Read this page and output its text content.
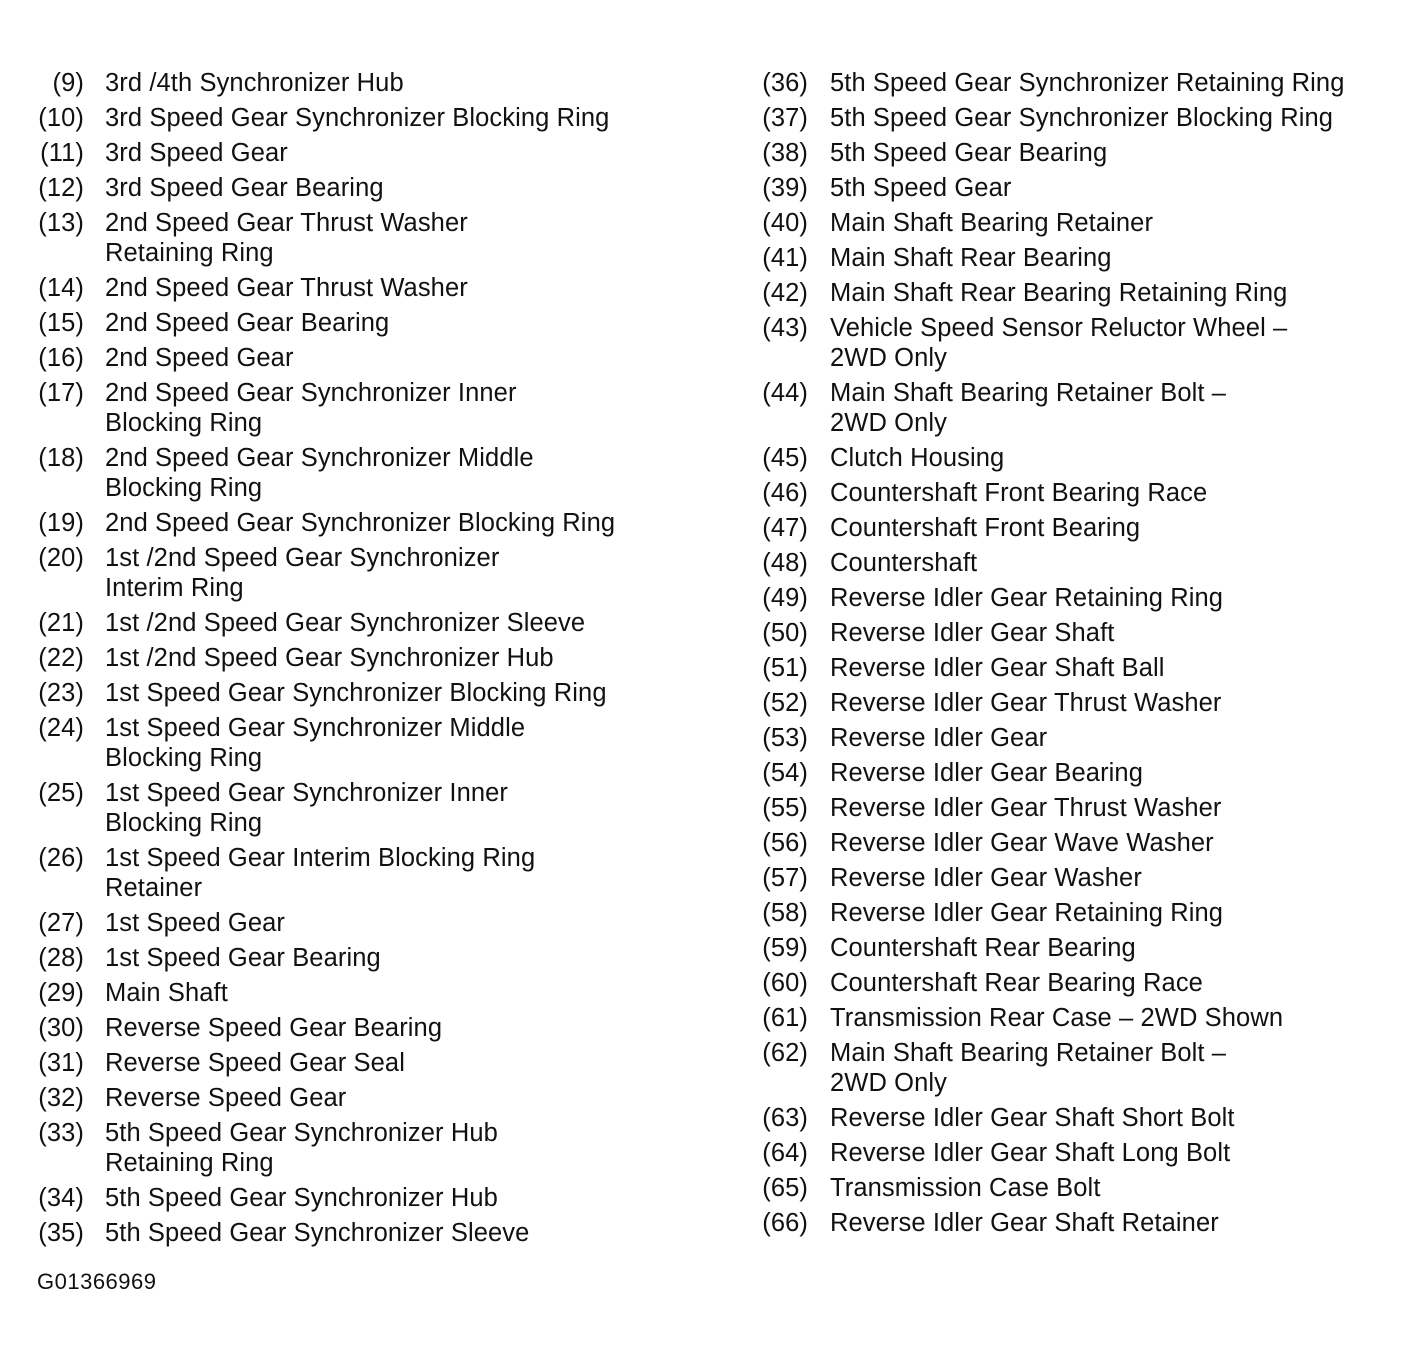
(9) 3rd /4th Synchronizer Hub
(10) 3rd Speed Gear Synchronizer Blocking Ring
(11) 3rd Speed Gear
(12) 3rd Speed Gear Bearing
(13) 2nd Speed Gear Thrust Washer
Retaining Ring
(14) 2nd Speed Gear Thrust Washer
(15) 2nd Speed Gear Bearing
(16) 2nd Speed Gear
(17) 2nd Speed Gear Synchronizer Inner
Blocking Ring
(18) 2nd Speed Gear Synchronizer Middle
Blocking Ring
(19) 2nd Speed Gear Synchronizer Blocking Ring
(20) 1st /2nd Speed Gear Synchronizer
Interim Ring
(21) 1st /2nd Speed Gear Synchronizer Sleeve
(22) 1st /2nd Speed Gear Synchronizer Hub
(23) 1st Speed Gear Synchronizer Blocking Ring
(24) 1st Speed Gear Synchronizer Middle
Blocking Ring
(25) 1st Speed Gear Synchronizer Inner
Blocking Ring
(26) 1st Speed Gear Interim Blocking Ring
Retainer
(27) 1st Speed Gear
(28) 1st Speed Gear Bearing
(29) Main Shaft
(30) Reverse Speed Gear Bearing
(31) Reverse Speed Gear Seal
(32) Reverse Speed Gear
(33) 5th Speed Gear Synchronizer Hub
Retaining Ring
(34) 5th Speed Gear Synchronizer Hub
(35) 5th Speed Gear Synchronizer Sleeve
(36) 5th Speed Gear Synchronizer Retaining Ring
(37) 5th Speed Gear Synchronizer Blocking Ring
(38) 5th Speed Gear Bearing
(39) 5th Speed Gear
(40) Main Shaft Bearing Retainer
(41) Main Shaft Rear Bearing
(42) Main Shaft Rear Bearing Retaining Ring
(43) Vehicle Speed Sensor Reluctor Wheel –
2WD Only
(44) Main Shaft Bearing Retainer Bolt –
2WD Only
(45) Clutch Housing
(46) Countershaft Front Bearing Race
(47) Countershaft Front Bearing
(48) Countershaft
(49) Reverse Idler Gear Retaining Ring
(50) Reverse Idler Gear Shaft
(51) Reverse Idler Gear Shaft Ball
(52) Reverse Idler Gear Thrust Washer
(53) Reverse Idler Gear
(54) Reverse Idler Gear Bearing
(55) Reverse Idler Gear Thrust Washer
(56) Reverse Idler Gear Wave Washer
(57) Reverse Idler Gear Washer
(58) Reverse Idler Gear Retaining Ring
(59) Countershaft Rear Bearing
(60) Countershaft Rear Bearing Race
(61) Transmission Rear Case – 2WD Shown
(62) Main Shaft Bearing Retainer Bolt –
2WD Only
(63) Reverse Idler Gear Shaft Short Bolt
(64) Reverse Idler Gear Shaft Long Bolt
(65) Transmission Case Bolt
(66) Reverse Idler Gear Shaft Retainer
G01366969
